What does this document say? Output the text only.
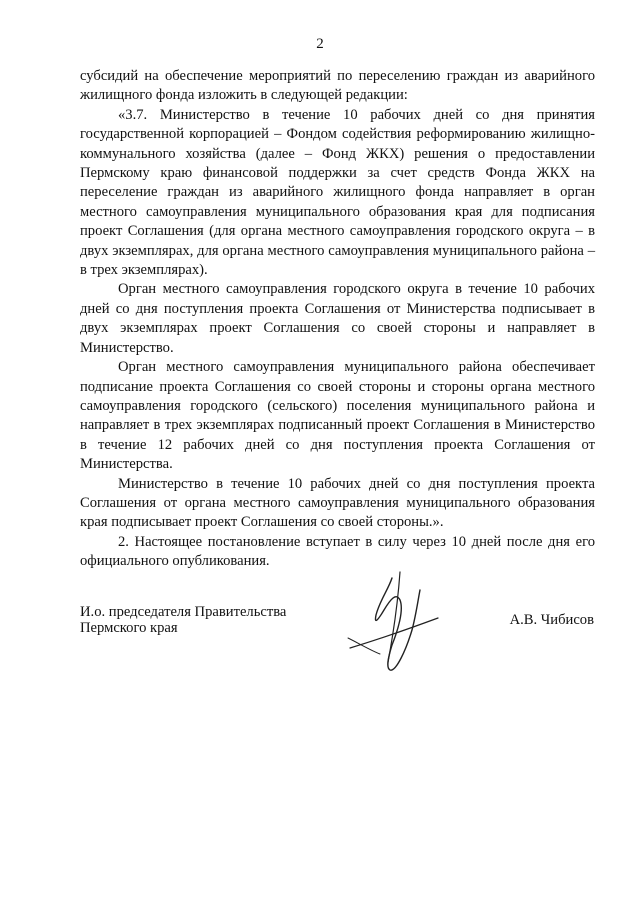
2

субсидий на обеспечение мероприятий по переселению граждан из аварийного жилищного фонда изложить в следующей редакции:

«3.7. Министерство в течение 10 рабочих дней со дня принятия государственной корпорацией – Фондом содействия реформированию жилищно-коммунального хозяйства (далее – Фонд ЖКХ) решения о предоставлении Пермскому краю финансовой поддержки за счет средств Фонда ЖКХ на переселение граждан из аварийного жилищного фонда направляет в орган местного самоуправления муниципального образования края для подписания проект Соглашения (для органа местного самоуправления городского округа – в двух экземплярах, для органа местного самоуправления муниципального района – в трех экземплярах).

Орган местного самоуправления городского округа в течение 10 рабочих дней со дня поступления проекта Соглашения от Министерства подписывает в двух экземплярах проект Соглашения со своей стороны и направляет в Министерство.

Орган местного самоуправления муниципального района обеспечивает подписание проекта Соглашения со своей стороны и стороны органа местного самоуправления городского (сельского) поселения муниципального района и направляет в трех экземплярах подписанный проект Соглашения в Министерство в течение 12 рабочих дней со дня поступления проекта Соглашения от Министерства.

Министерство в течение 10 рабочих дней со дня поступления проекта Соглашения от органа местного самоуправления муниципального образования края подписывает проект Соглашения со своей стороны.».

2. Настоящее постановление вступает в силу через 10 дней после дня его официального опубликования.

И.о. председателя Правительства
Пермского края	А.В. Чибисов
